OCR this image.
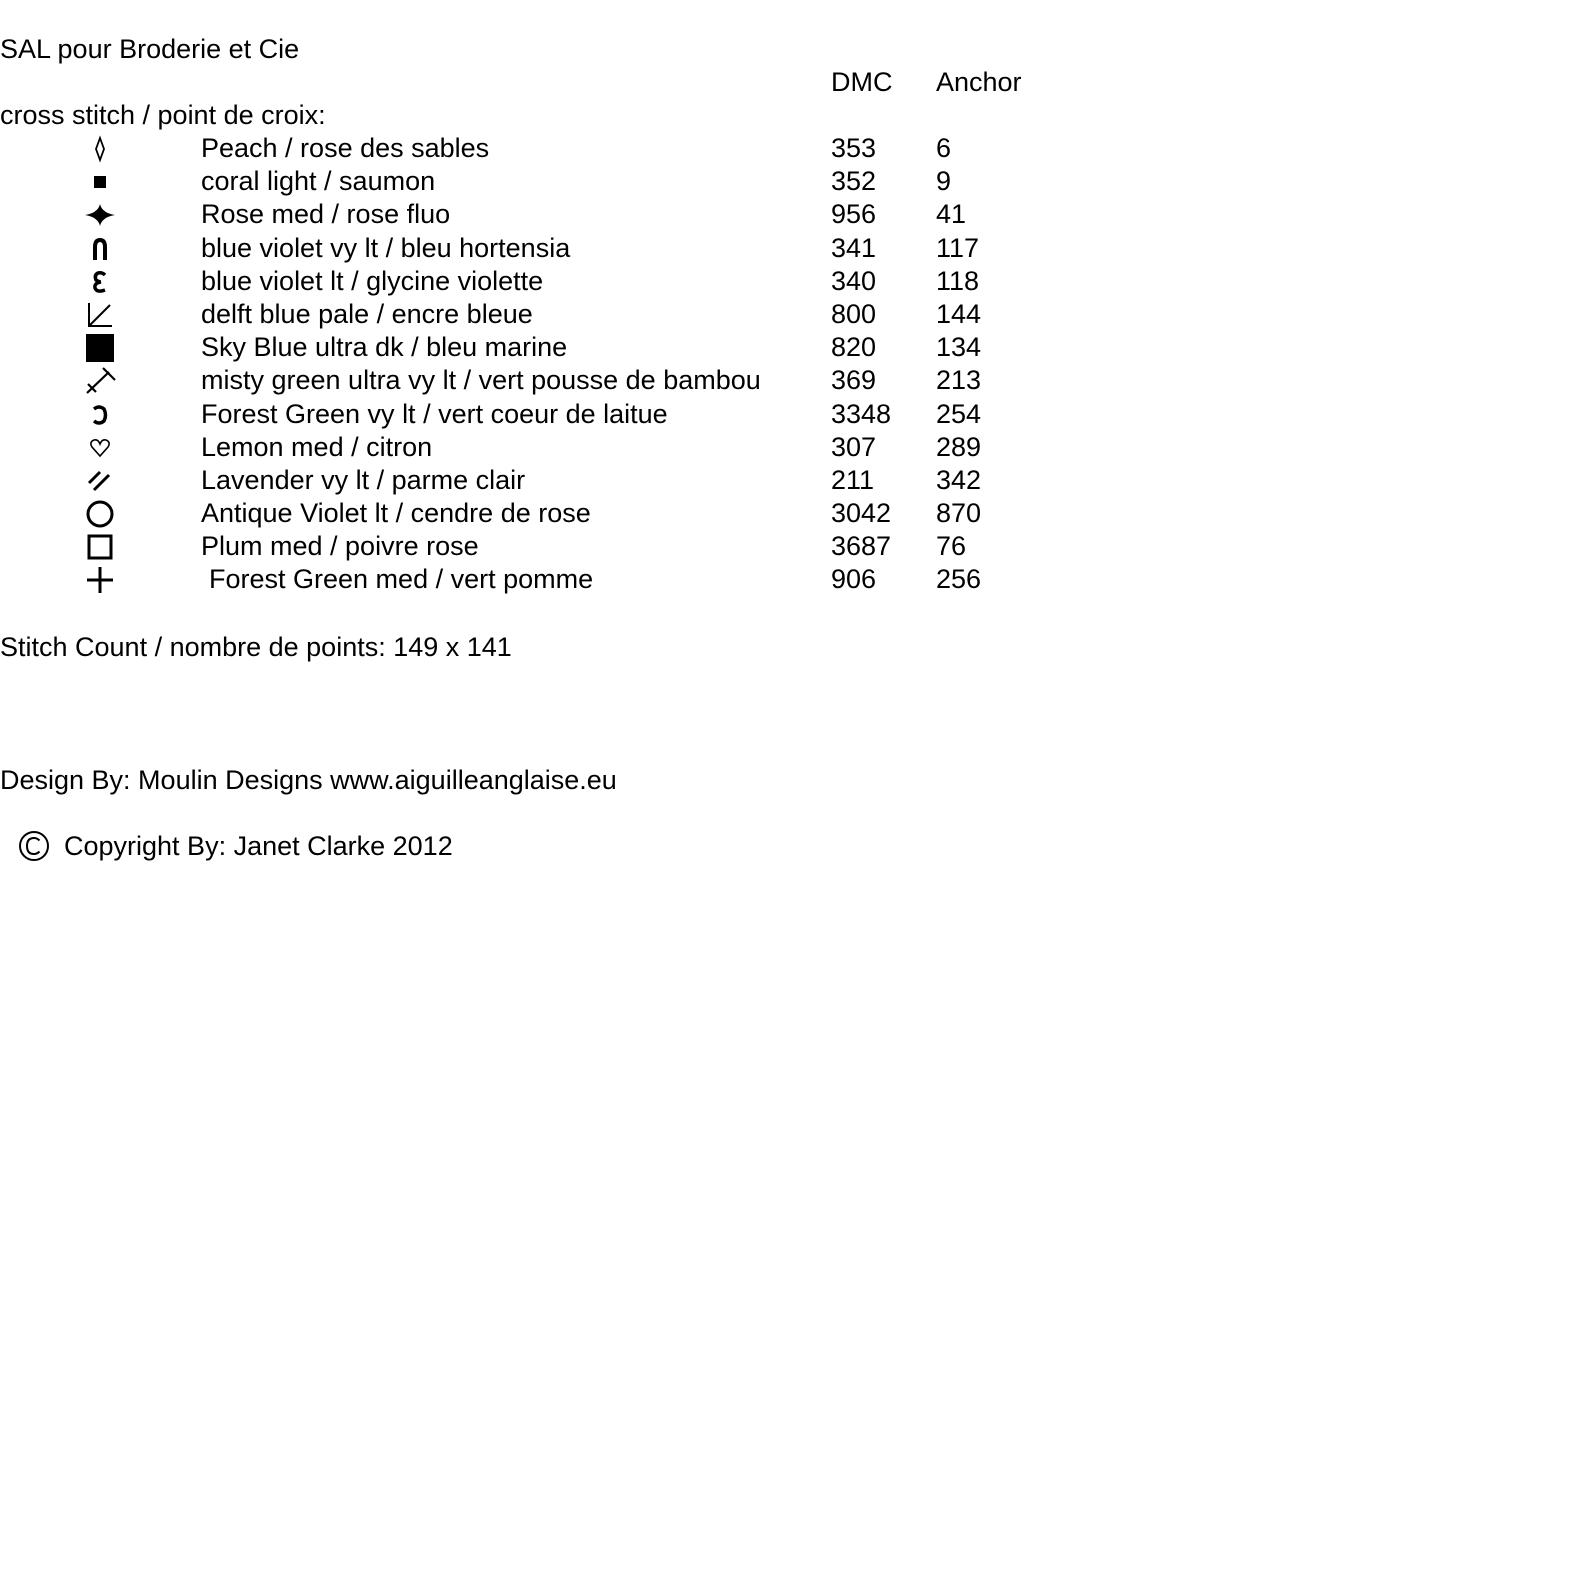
SAL pour Broderie et Cie
DMC Anchor
cross stitch / point de croix:
Peach / rose des sables	353 6
coral light / saumon	352 9
Rose med / rose fluo	956 41
blue violet vy lt / bleu hortensia	341 117
blue violet lt / glycine violette	340 118
delft blue pale / encre bleue	800 144
Sky Blue ultra dk / bleu marine	820 134
misty green ultra vy lt / vert pousse de bambou	369 213
Forest Green vy lt / vert coeur de laitue	3348 254
Lemon med / citron	307 289
Lavender vy lt / parme clair	211 342
Antique Violet lt / cendre de rose	3042 870
Plum med / poivre rose	3687 76
Forest Green med / vert pomme	906 256
Stitch Count / nombre de points: 149 x 141
Design By: Moulin Designs www.aiguilleanglaise.eu
Copyright By: Janet Clarke 2012
